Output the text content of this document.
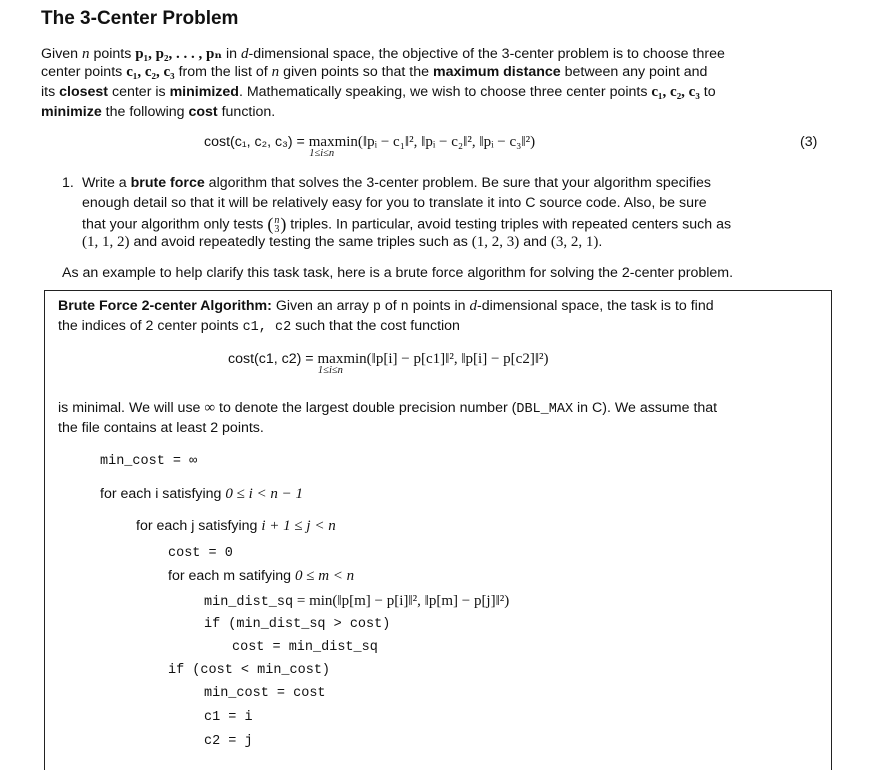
The 3-Center Problem
Given n points p₁, p₂, . . . , pₙ in d-dimensional space, the objective of the 3-center problem is to choose three
center points c₁, c₂, c₃ from the list of n given points so that the maximum distance between any point and
its closest center is minimized. Mathematically speaking, we wish to choose three center points c₁, c₂, c₃ to
minimize the following cost function.
cost(c₁, c₂, c₃) = max
1≤i≤n
min(‖pᵢ − c₁‖², ‖pᵢ − c₂‖², ‖pᵢ − c₃‖²)	(3)
1. Write a brute force algorithm that solves the 3-center problem. Be sure that your algorithm specifies
enough detail so that it will be relatively easy for you to translate it into C source code. Also, be sure
that your algorithm only tests ( n
3 ) triples. In particular, avoid testing triples with repeated centers such as
(1, 1, 2) and avoid repeatedly testing the same triples such as (1, 2, 3) and (3, 2, 1).
As an example to help clarify this task task, here is a brute force algorithm for solving the 2-center problem.
Brute Force 2-center Algorithm: Given an array p of n points in d-dimensional space, the task is to find
the indices of 2 center points c1, c2 such that the cost function
cost(c1, c2) = max
1≤i≤n
min(‖p[i] − p[c1]‖², ‖p[i] − p[c2]‖²)
is minimal. We will use ∞ to denote the largest double precision number (DBL_MAX in C). We assume that
the file contains at least 2 points.
min_cost = ∞
for each i satisfying 0 ≤ i < n − 1
for each j satisfying i + 1 ≤ j < n
cost = 0
for each m satifying 0 ≤ m < n
min_dist_sq = min(‖p[m] − p[i]‖², ‖p[m] − p[j]‖²)
if (min_dist_sq > cost)
cost = min_dist_sq
if (cost < min_cost)
min_cost = cost
c1 = i
c2 = j
